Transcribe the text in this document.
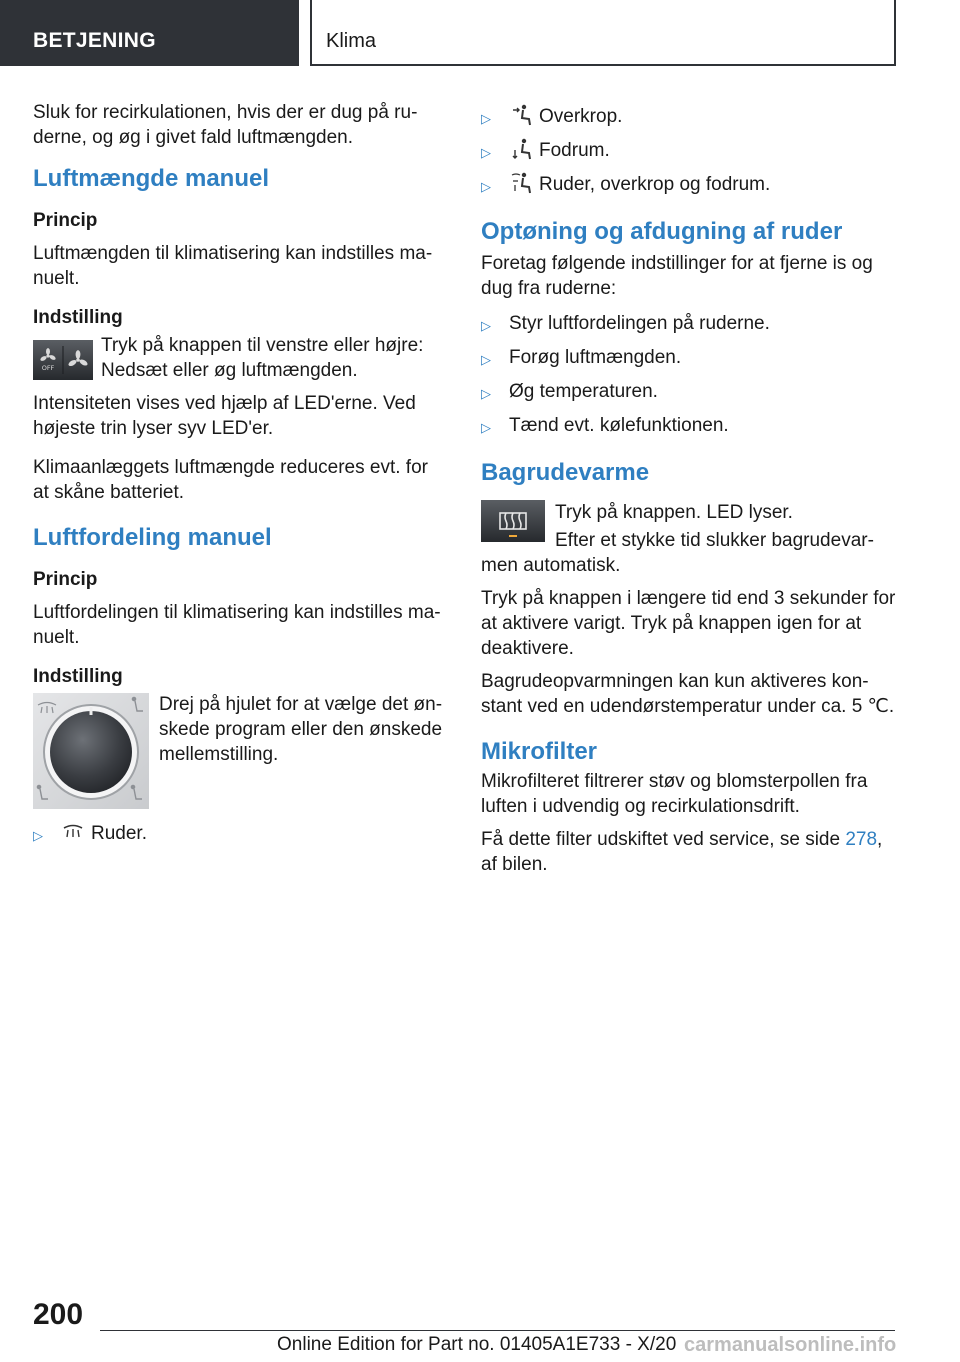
BETJENING	Klima

Sluk for recirkulationen, hvis der er dug på ru-derne, og øg i givet fald luftmængden.

Luftmængde manuel
Princip

Luftmængden til klimatisering kan indstilles ma-nuelt.

Indstilling
OFF

Tryk på knappen til venstre eller højre: Nedsæt eller øg luftmængden.

Intensiteten vises ved hjælp af LED'erne. Ved højeste trin lyser syv LED'er.

Klimaanlæggets luftmængde reduceres evt. for at skåne batteriet.

Luftfordeling manuel
Princip

Luftfordelingen til klimatisering kan indstilles ma-nuelt.

Indstilling

Drej på hjulet for at vælge det øn-skede program eller den ønskede mellemstilling.

▷	Ruder.
▷	Overkrop.
▷	Fodrum.
▷	Ruder, overkrop og fodrum.
Optøning og afdugning af ruder

Foretag følgende indstillinger for at fjerne is og dug fra ruderne:

▷ Styr luftfordelingen på ruderne.
▷ Forøg luftmængden.
▷ Øg temperaturen.
▷ Tænd evt. kølefunktionen.
Bagrudevarme

Tryk på knappen. LED lyser.

Efter et stykke tid slukker bagrudevar-men automatisk.

Tryk på knappen i længere tid end 3 sekunder for at aktivere varigt. Tryk på knappen igen for at deaktivere.

Bagrudeopvarmningen kan kun aktiveres kon-stant ved en udendørstemperatur under ca. 5 ℃.

Mikrofilter

Mikrofilteret filtrerer støv og blomsterpollen fra luften i udvendig og recirkulationsdrift.

Få dette filter udskiftet ved service, se side 278, af bilen.

200
Online Edition for Part no. 01405A1E733 - X/20 carmanualsonline.info
